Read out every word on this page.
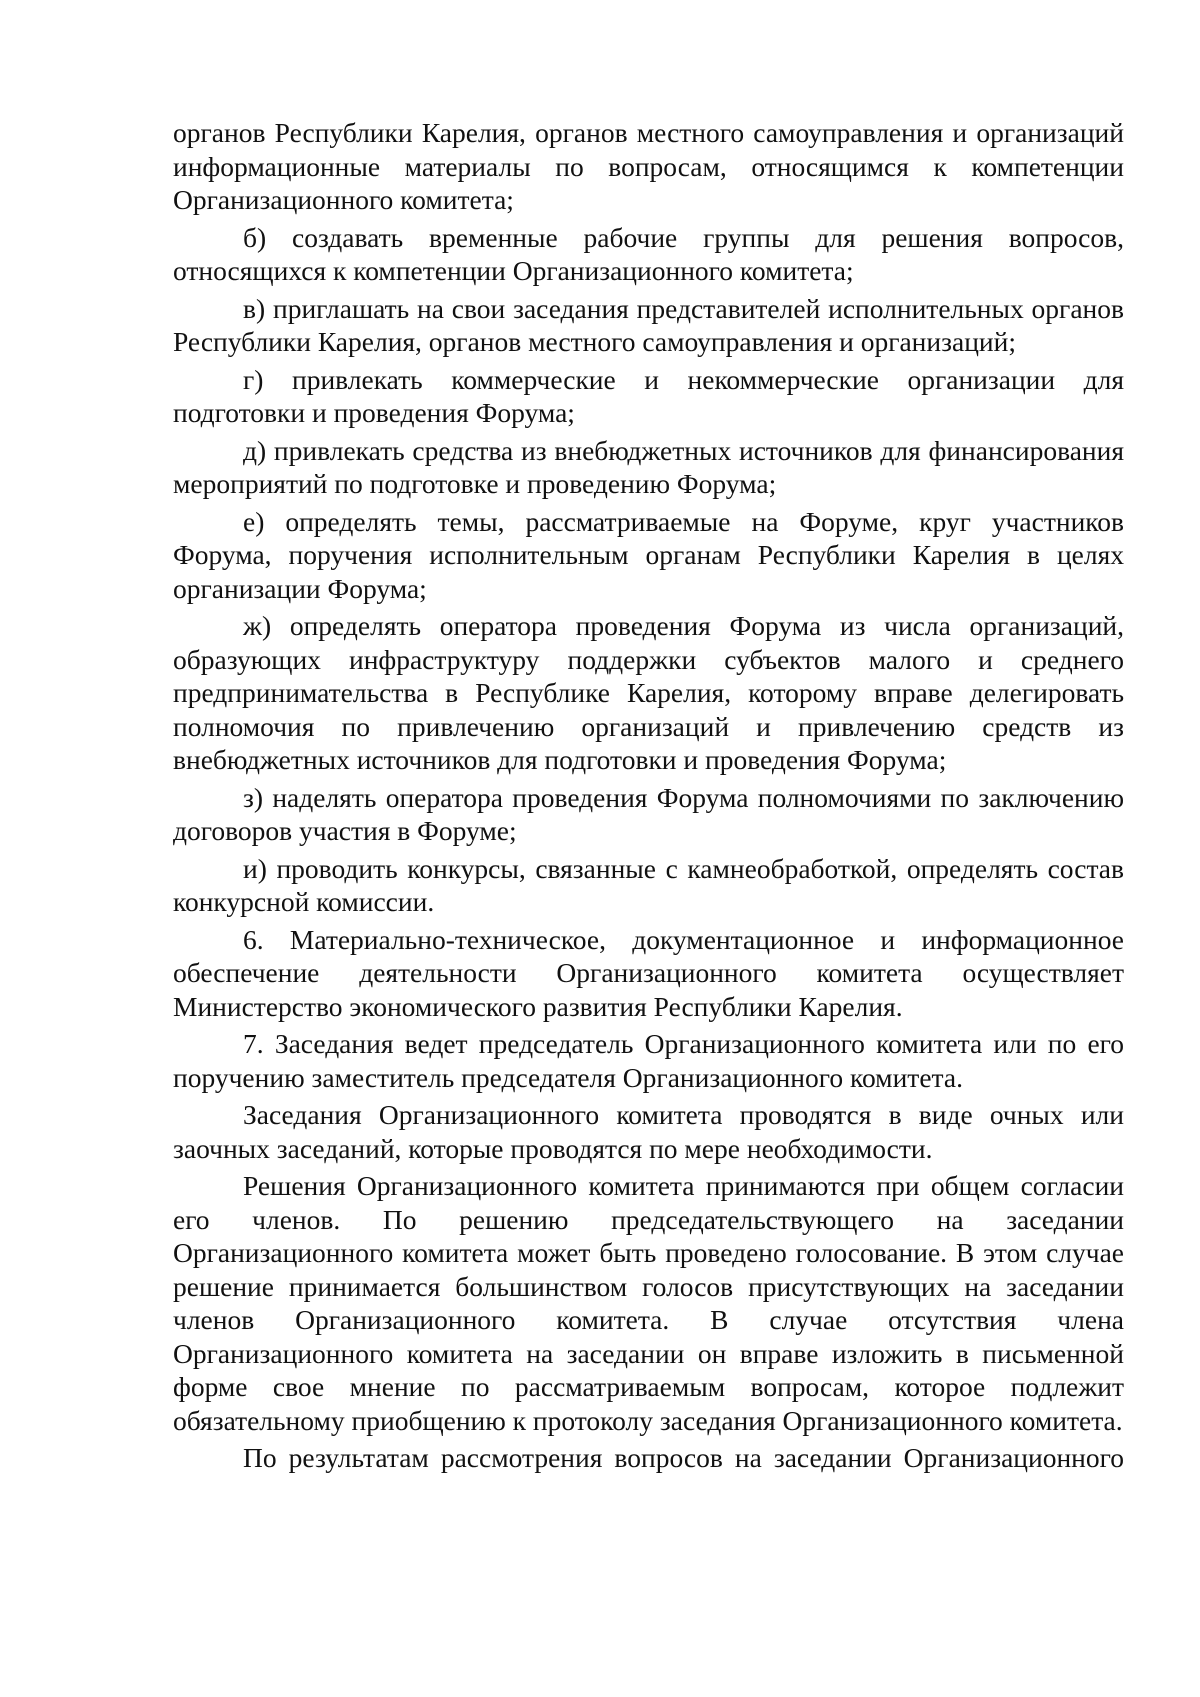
органов Республики Карелия, органов местного самоуправления и организаций информационные материалы по вопросам, относящимся к компетенции Организационного комитета;

б) создавать временные рабочие группы для решения вопросов, относящихся к компетенции Организационного комитета;

в) приглашать на свои заседания представителей исполнительных органов Республики Карелия, органов местного самоуправления и организаций;

г) привлекать коммерческие и некоммерческие организации для подготовки и проведения Форума;

д) привлекать средства из внебюджетных источников для финансирования мероприятий по подготовке и проведению Форума;

е) определять темы, рассматриваемые на Форуме, круг участников Форума, поручения исполнительным органам Республики Карелия в целях организации Форума;

ж) определять оператора проведения Форума из числа организаций, образующих инфраструктуру поддержки субъектов малого и среднего предпринимательства в Республике Карелия, которому вправе делегировать полномочия по привлечению организаций и привлечению средств из внебюджетных источников для подготовки и проведения Форума;

з) наделять оператора проведения Форума полномочиями по заключению договоров участия в Форуме;

и) проводить конкурсы, связанные с камнеобработкой, определять состав конкурсной комиссии.

6. Материально-техническое, документационное и информационное обеспечение деятельности Организационного комитета осуществляет Министерство экономического развития Республики Карелия.

7. Заседания ведет председатель Организационного комитета или по его поручению заместитель председателя Организационного комитета.

Заседания Организационного комитета проводятся в виде очных или заочных заседаний, которые проводятся по мере необходимости.

Решения Организационного комитета принимаются при общем согласии его членов. По решению председательствующего на заседании Организационного комитета может быть проведено голосование. В этом случае решение принимается большинством голосов присутствующих на заседании членов Организационного комитета. В случае отсутствия члена Организационного комитета на заседании он вправе изложить в письменной форме свое мнение по рассматриваемым вопросам, которое подлежит обязательному приобщению к протоколу заседания Организационного комитета.

По результатам рассмотрения вопросов на заседании Организационного
